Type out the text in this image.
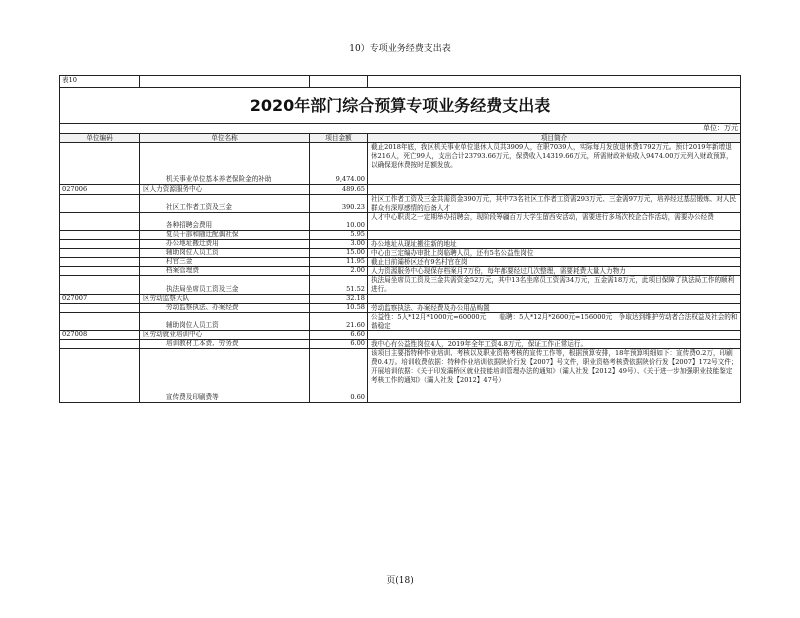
10）专项业务经费支出表
表10
2020年部门综合预算专项业务经费支出表
单位：万元
单位编码	单位名称	项目金额	项目简介
机关事业单位基本养老保险金的补助	9,474.00
截止2018年底，我区机关事业单位退休人员共3909人，在职7039人，实际每月发放退休费1792万元。预计2019年新增退休216人，死亡99人，支出合计23793.66万元，保费收入14319.66万元，所需财政补贴收入9474.00万元列入财政预算，以确保退休费按时足额发放。
027006	区人力资源服务中心	489.65
社区工作者工资及三金	390.23
社区工作者工资及三金共需资金390万元，其中73名社区工作者工资需293万元、三金需97万元，培养经过基层锻炼、对人民群众有深厚感情的后备人才
各种招聘会费用	10.00
人才中心职责之一定期举办招聘会，现阶段筹疆百万大学生留西安活动，需要进行多场次校企合作活动，需要办公经费
复员干部和随迁配偶社保	5.95
办公地址搬迁费用	3.00 办公地址从现址搬往新的地址
辅助岗位人员工资	15.00 中心由三定编办审批上岗临聘人员，还有5名公益性岗位
村官三金	11.95 截止目前灞桥区还有9名村官在岗
档案管理费	2.00 人力资源服务中心现保存档案月7万份，每年都要经过几次整理，需要耗费大量人力物力
执法局坐席员工资及三金	51.52
执法局坐席员工资及三金共需资金52万元，其中13名坐席员工资需34万元，五金需18万元，此项目保障了执法局工作的顺利进行。
027007	区劳动监察大队	32.18
劳动监察执法、办案经费	10.58 劳动监察执法、办案经费及办公用品购置
辅助岗位人员工资	21.60
公益性：5人*12月*1000元=60000元　　临聘：5人*12月*2600元=156000元　争取达到维护劳动者合法权益及社会的和谐稳定
027008	区劳动就业培训中心	6.60
培训教材工本费、劳务费	6.00 我中心有公益性岗位4人，2019年全年工资4.8万元，保证工作正常运行。
宣传费及印刷费等	0.60
该项目主要指特种作业培训、考核以及职业资格考核的宣传工作等，根据预算安排，18年预算明细如下：宣传费0.2万，印刷费0.4万。培训收费依据：特种作业培训依据陕价行发【2007】号文件，职业资格考核费依据陕价行发【2007】172号文件；开展培训依据：《关于印发灞桥区就业技能培训管理办法的通知》（灞人社发【2012】49号）、《关于进一步加强职业技能鉴定考核工作的通知》（灞人社发【2012】47号）
页(18)
